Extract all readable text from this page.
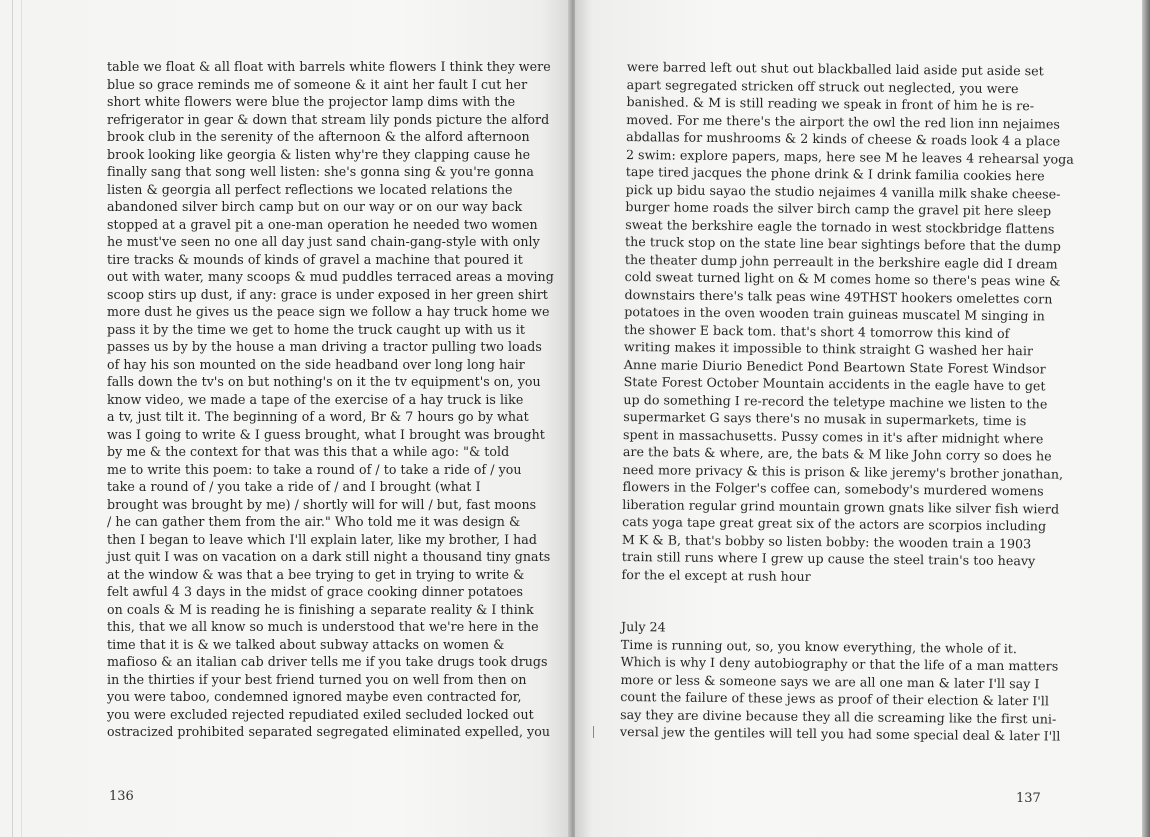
table we float & all float with barrels white flowers I think they were
blue so grace reminds me of someone & it aint her fault I cut her
short white flowers were blue the projector lamp dims with the
refrigerator in gear & down that stream lily ponds picture the alford
brook club in the serenity of the afternoon & the alford afternoon
brook looking like georgia & listen why're they clapping cause he
finally sang that song well listen: she's gonna sing & you're gonna
listen & georgia all perfect reflections we located relations the
abandoned silver birch camp but on our way or on our way back
stopped at a gravel pit a one-man operation he needed two women
he must've seen no one all day just sand chain-gang-style with only
tire tracks & mounds of kinds of gravel a machine that poured it
out with water, many scoops & mud puddles terraced areas a moving
scoop stirs up dust, if any: grace is under exposed in her green shirt
more dust he gives us the peace sign we follow a hay truck home we
pass it by the time we get to home the truck caught up with us it
passes us by by the house a man driving a tractor pulling two loads
of hay his son mounted on the side headband over long long hair
falls down the tv's on but nothing's on it the tv equipment's on, you
know video, we made a tape of the exercise of a hay truck is like
a tv, just tilt it. The beginning of a word, Br & 7 hours go by what
was I going to write & I guess brought, what I brought was brought
by me & the context for that was this that a while ago: "& told
me to write this poem: to take a round of / to take a ride of / you
take a round of / you take a ride of / and I brought (what I
brought was brought by me) / shortly will for will / but, fast moons
/ he can gather them from the air." Who told me it was design &
then I began to leave which I'll explain later, like my brother, I had
just quit I was on vacation on a dark still night a thousand tiny gnats
at the window & was that a bee trying to get in trying to write &
felt awful 4 3 days in the midst of grace cooking dinner potatoes
on coals & M is reading he is finishing a separate reality & I think
this, that we all know so much is understood that we're here in the
time that it is & we talked about subway attacks on women &
mafioso & an italian cab driver tells me if you take drugs took drugs
in the thirties if your best friend turned you on well from then on
you were taboo, condemned ignored maybe even contracted for,
you were excluded rejected repudiated exiled secluded locked out
ostracized prohibited separated segregated eliminated expelled, you
136
were barred left out shut out blackballed laid aside put aside set
apart segregated stricken off struck out neglected, you were
banished. & M is still reading we speak in front of him he is re-
moved. For me there's the airport the owl the red lion inn nejaimes
abdallas for mushrooms & 2 kinds of cheese & roads look 4 a place
2 swim: explore papers, maps, here see M he leaves 4 rehearsal yoga
tape tired jacques the phone drink & I drink familia cookies here
pick up bidu sayao the studio nejaimes 4 vanilla milk shake cheese-
burger home roads the silver birch camp the gravel pit here sleep
sweat the berkshire eagle the tornado in west stockbridge flattens
the truck stop on the state line bear sightings before that the dump
the theater dump john perreault in the berkshire eagle did I dream
cold sweat turned light on & M comes home so there's peas wine &
downstairs there's talk peas wine 49THST hookers omelettes corn
potatoes in the oven wooden train guineas muscatel M singing in
the shower E back tom. that's short 4 tomorrow this kind of
writing makes it impossible to think straight G washed her hair
Anne marie Diurio Benedict Pond Beartown State Forest Windsor
State Forest October Mountain accidents in the eagle have to get
up do something I re-record the teletype machine we listen to the
supermarket G says there's no musak in supermarkets, time is
spent in massachusetts. Pussy comes in it's after midnight where
are the bats & where, are, the bats & M like John corry so does he
need more privacy & this is prison & like jeremy's brother jonathan,
flowers in the Folger's coffee can, somebody's murdered womens
liberation regular grind mountain grown gnats like silver fish wierd
cats yoga tape great great six of the actors are scorpios including
M K & B, that's bobby so listen bobby: the wooden train a 1903
train still runs where I grew up cause the steel train's too heavy
for the el except at rush hour
July 24
Time is running out, so, you know everything, the whole of it.
Which is why I deny autobiography or that the life of a man matters
more or less & someone says we are all one man & later I'll say I
count the failure of these jews as proof of their election & later I'll
say they are divine because they all die screaming like the first uni-
versal jew the gentiles will tell you had some special deal & later I'll
137
